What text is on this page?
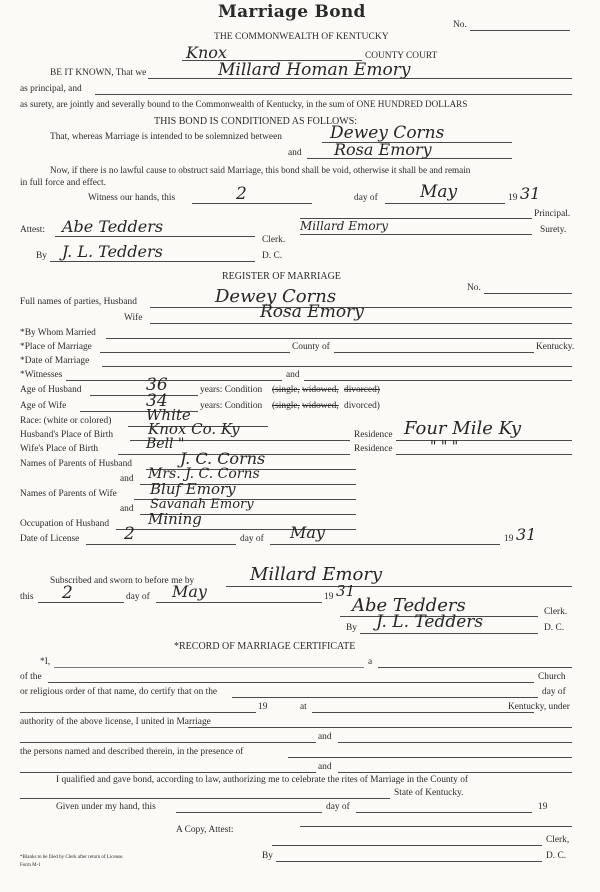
Marriage Bond
No.
THE COMMONWEALTH OF KENTUCKY
Knox	COUNTY COURT
BE IT KNOWN, That we	Millard Homan Emory
as principal, and
as surety, are jointly and severally bound to the Commonwealth of Kentucky, in the sum of ONE HUNDRED DOLLARS
THIS BOND IS CONDITIONED AS FOLLOWS:
That, whereas Marriage is intended to be solemnized between	Dewey Corns
and Rosa Emory
Now, if there is no lawful cause to obstruct said Marriage, this bond shall be void, otherwise it shall be and remain
in full force and effect.
Witness our hands, this	2	day of May	19 31
Principal.
Attest: Abe Tedders	Millard Emory	Surety.
Clerk.
By J. L. Tedders	D. C.
REGISTER OF MARRIAGE
No.
Full names of parties, Husband	Dewey Corns
Wife	Rosa Emory
*By Whom Married
*Place of Marriage	County of	Kentucky.
*Date of Marriage
*Witnesses	and
Age of Husband	36	years: Condition (single, widowed, divorced)
Age of Wife	34	years: Condition (single, widowed, divorced)
Race: (white or colored) White
Husband's Place of Birth Knox Co. Ky	Residence Four Mile Ky
Wife's Place of Birth	Bell "	Residence	" " "
Names of Parents of Husband	J. C. Corns
and Mrs. J. C. Corns
Names of Parents of Wife Bluf Emory
and Savanah Emory
Occupation of Husband	Mining
Date of License	2	day of May	19 31
Subscribed and sworn to before me by	Millard Emory
this 2	day of May	19 31
Abe Tedders	Clerk.
By J. L. Tedders	D. C.
*RECORD OF MARRIAGE CERTIFICATE
*I,	a
of the	Church
or religious order of that name, do certify that on the	day of
19	at	Kentucky, under
authority of the above license, I united in Marriage
and
the persons named and described therein, in the presence of
and
I qualified and gave bond, according to law, authorizing me to celebrate the rites of Marriage in the County of
State of Kentucky.
Given under my hand, this	day of	19
A Copy, Attest:
Clerk,
By	D. C.
*Blanks to be filed by Clerk after return of License.
Form M-1
